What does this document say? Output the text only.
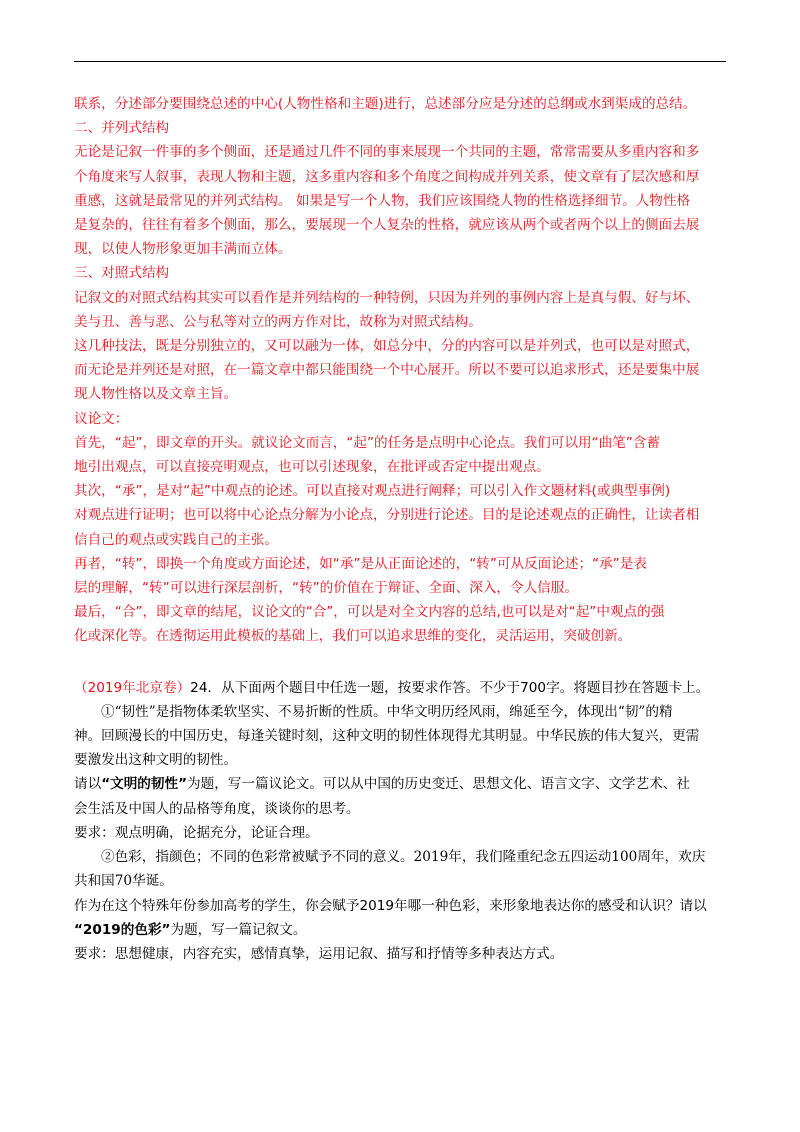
联系，分述部分要围绕总述的中心(人物性格和主题)进行，总述部分应是分述的总纲或水到渠成的总结。

二、并列式结构

无论是记叙一件事的多个侧面，还是通过几件不同的事来展现一个共同的主题，常常需要从多重内容和多

个角度来写人叙事，表现人物和主题，这多重内容和多个角度之间构成并列关系，使文章有了层次感和厚

重感，这就是最常见的并列式结构。 如果是写一个人物，我们应该围绕人物的性格选择细节。人物性格

是复杂的，往往有着多个侧面，那么，要展现一个人复杂的性格，就应该从两个或者两个以上的侧面去展

现，以使人物形象更加丰满而立体。

三、对照式结构

记叙文的对照式结构其实可以看作是并列结构的一种特例，只因为并列的事例内容上是真与假、好与坏、

美与丑、善与恶、公与私等对立的两方作对比，故称为对照式结构。

这几种技法，既是分别独立的，又可以融为一体，如总分中，分的内容可以是并列式，也可以是对照式，

而无论是并列还是对照，在一篇文章中都只能围绕一个中心展开。所以不要可以追求形式，还是要集中展

现人物性格以及文章主旨。

议论文：

首先，“起”，即文章的开头。就议论文而言，“起”的任务是点明中心论点。我们可以用“曲笔”含蓄

地引出观点，可以直接亮明观点，也可以引述现象，在批评或否定中提出观点。

其次，“承”，是对“起”中观点的论述。可以直接对观点进行阐释；可以引入作文题材料(或典型事例)

对观点进行证明；也可以将中心论点分解为小论点，分别进行论述。目的是论述观点的正确性，让读者相

信自己的观点或实践自己的主张。

再者，“转”，即换一个角度或方面论述，如“承”是从正面论述的，“转”可从反面论述；“承”是表

层的理解，“转”可以进行深层剖析，“转”的价值在于辩证、全面、深入，令人信服。

最后，“合”，即文章的结尾，议论文的“合”，可以是对全文内容的总结,也可以是对“起”中观点的强

化或深化等。在透彻运用此模板的基础上，我们可以追求思维的变化，灵活运用，突破创新。

（2019年北京卷）24．从下面两个题目中任选一题，按要求作答。不少于700字。将题目抄在答题卡上。

①“韧性”是指物体柔软坚实、不易折断的性质。中华文明历经风雨，绵延至今，体现出“韧”的精

神。回顾漫长的中国历史，每逢关键时刻，这种文明的韧性体现得尤其明显。中华民族的伟大复兴，更需

要激发出这种文明的韧性。

请以“文明的韧性”为题，写一篇议论文。可以从中国的历史变迁、思想文化、语言文字、文学艺术、社

会生活及中国人的品格等角度，谈谈你的思考。

要求：观点明确，论据充分，论证合理。

②色彩，指颜色；不同的色彩常被赋予不同的意义。2019年，我们隆重纪念五四运动100周年，欢庆

共和国70华诞。

作为在这个特殊年份参加高考的学生，你会赋予2019年哪一种色彩，来形象地表达你的感受和认识？请以

“2019的色彩”为题，写一篇记叙文。

要求：思想健康，内容充实，感情真挚，运用记叙、描写和抒情等多种表达方式。
